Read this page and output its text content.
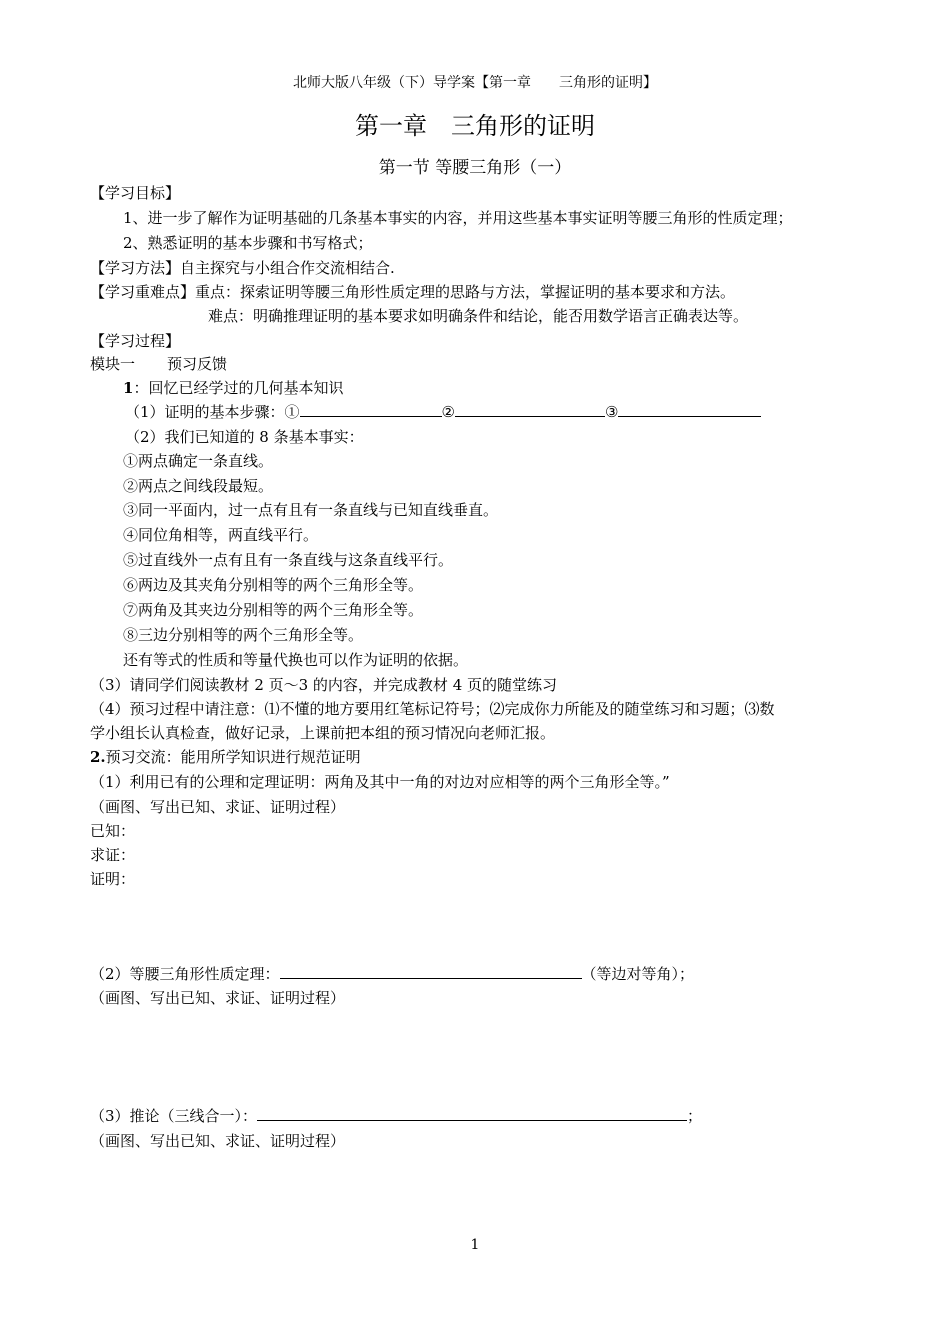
北师大版八年级（下）导学案【第一章　　三角形的证明】
第一章　三角形的证明
第一节 等腰三角形（一）
【学习目标】
1、进一步了解作为证明基础的几条基本事实的内容，并用这些基本事实证明等腰三角形的性质定理；
2、熟悉证明的基本步骤和书写格式；
【学习方法】自主探究与小组合作交流相结合.
【学习重难点】重点：探索证明等腰三角形性质定理的思路与方法，掌握证明的基本要求和方法。
难点：明确推理证明的基本要求如明确条件和结论，能否用数学语言正确表达等。
【学习过程】
模块一 预习反馈
1：回忆已经学过的几何基本知识
（1）证明的基本步骤：①	②	③
（2）我们已知道的 8 条基本事实：
①两点确定一条直线。
②两点之间线段最短。
③同一平面内，过一点有且有一条直线与已知直线垂直。
④同位角相等，两直线平行。
⑤过直线外一点有且有一条直线与这条直线平行。
⑥两边及其夹角分别相等的两个三角形全等。
⑦两角及其夹边分别相等的两个三角形全等。
⑧三边分别相等的两个三角形全等。
还有等式的性质和等量代换也可以作为证明的依据。
（3）请同学们阅读教材 2 页～3 的内容，并完成教材 4 页的随堂练习
（4）预习过程中请注意：⑴不懂的地方要用红笔标记符号；⑵完成你力所能及的随堂练习和习题；⑶数
学小组长认真检查，做好记录，上课前把本组的预习情况向老师汇报。
2.预习交流：能用所学知识进行规范证明
（1）利用已有的公理和定理证明：两角及其中一角的对边对应相等的两个三角形全等。”
（画图、写出已知、求证、证明过程）
已知：
求证：
证明：
（2）等腰三角形性质定理：	（等边对等角）；
（画图、写出已知、求证、证明过程）
（3）推论（三线合一）：	；
（画图、写出已知、求证、证明过程）
1
